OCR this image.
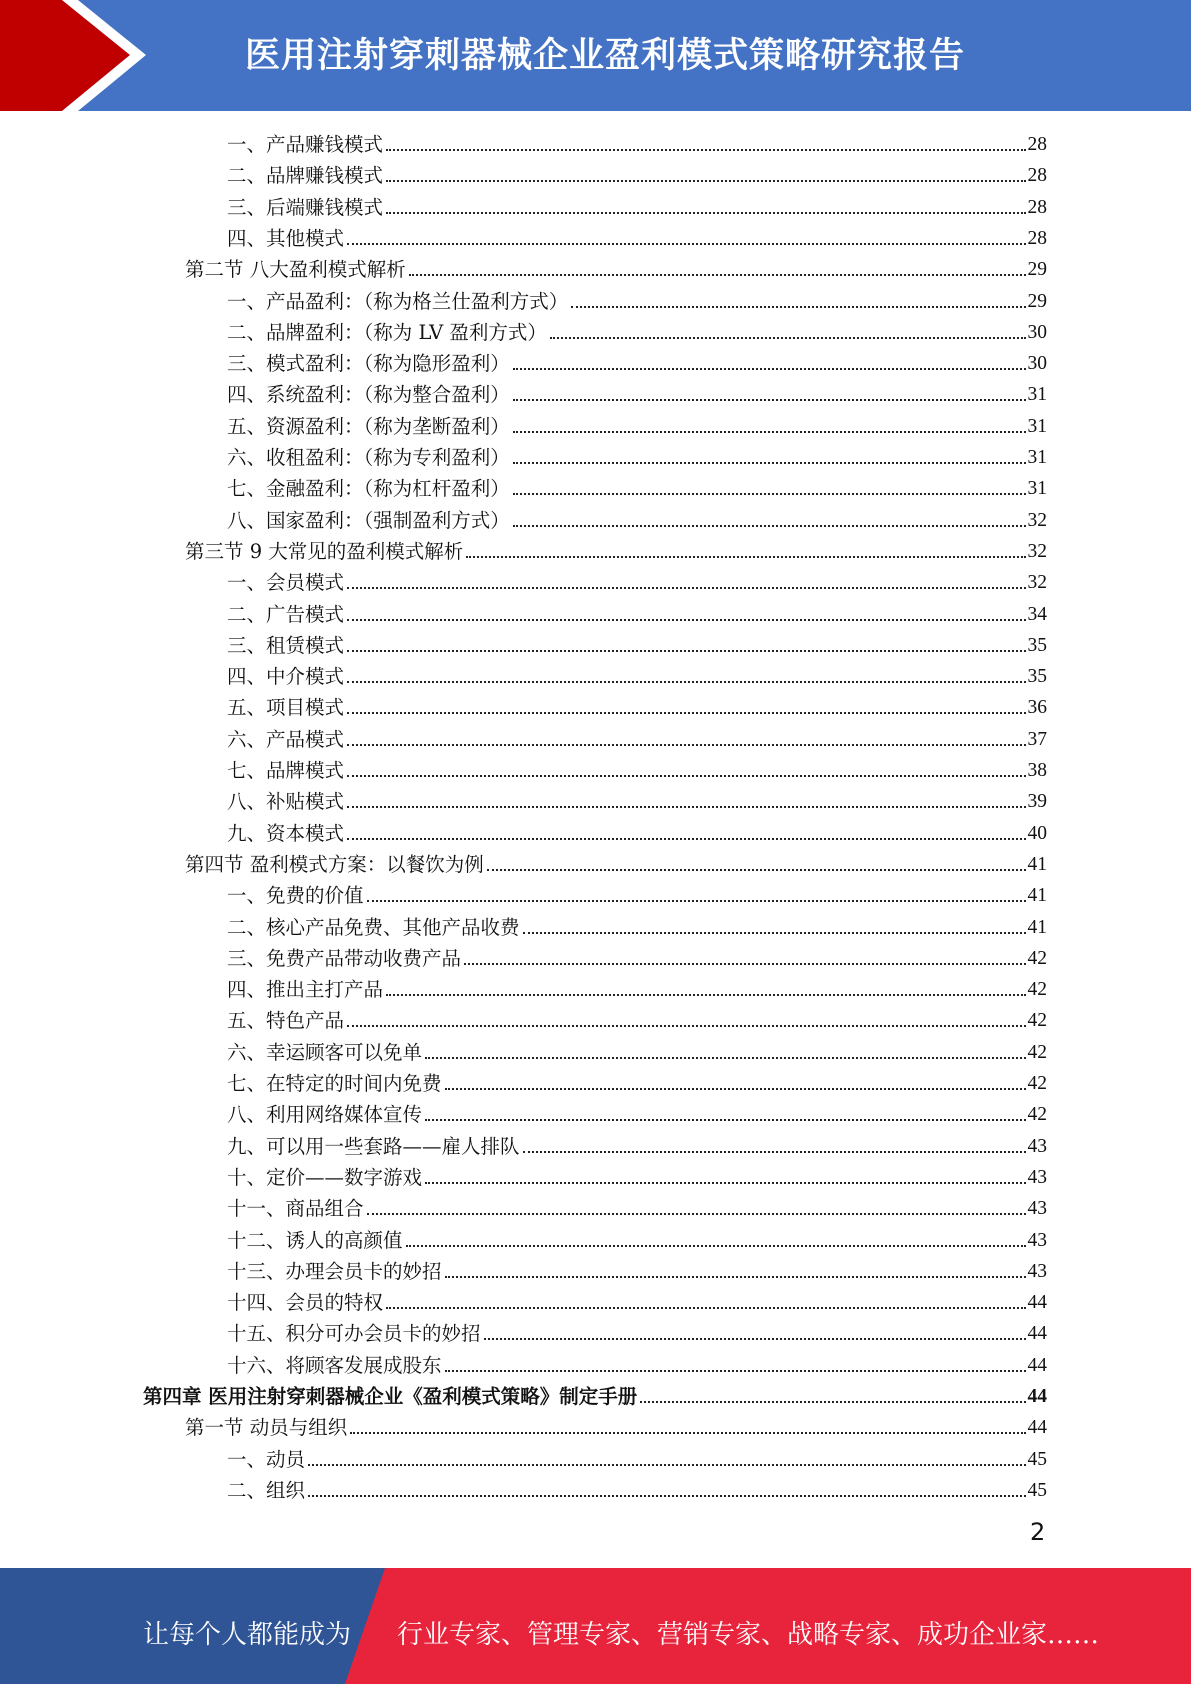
医用注射穿刺器械企业盈利模式策略研究报告
一、产品赚钱模式	28
二、品牌赚钱模式	28
三、后端赚钱模式	28
四、其他模式	28
第二节 八大盈利模式解析	29
一、产品盈利：（称为格兰仕盈利方式）	29
二、品牌盈利：（称为 LV 盈利方式）	30
三、模式盈利：（称为隐形盈利）	30
四、系统盈利：（称为整合盈利）	31
五、资源盈利：（称为垄断盈利）	31
六、收租盈利：（称为专利盈利）	31
七、金融盈利：（称为杠杆盈利）	31
八、国家盈利：（强制盈利方式）	32
第三节 9 大常见的盈利模式解析	32
一、会员模式	32
二、广告模式	34
三、租赁模式	35
四、中介模式	35
五、项目模式	36
六、产品模式	37
七、品牌模式	38
八、补贴模式	39
九、资本模式	40
第四节 盈利模式方案：以餐饮为例	41
一、免费的价值	41
二、核心产品免费、其他产品收费	41
三、免费产品带动收费产品	42
四、推出主打产品	42
五、特色产品	42
六、幸运顾客可以免单	42
七、在特定的时间内免费	42
八、利用网络媒体宣传	42
九、可以用一些套路——雇人排队	43
十、定价——数字游戏	43
十一、商品组合	43
十二、诱人的高颜值	43
十三、办理会员卡的妙招	43
十四、会员的特权	44
十五、积分可办会员卡的妙招	44
十六、将顾客发展成股东	44
第四章 医用注射穿刺器械企业《盈利模式策略》制定手册	44
第一节 动员与组织	44
一、动员	45
二、组织	45
2
让每个人都能成为 行业专家、管理专家、营销专家、战略专家、成功企业家……
